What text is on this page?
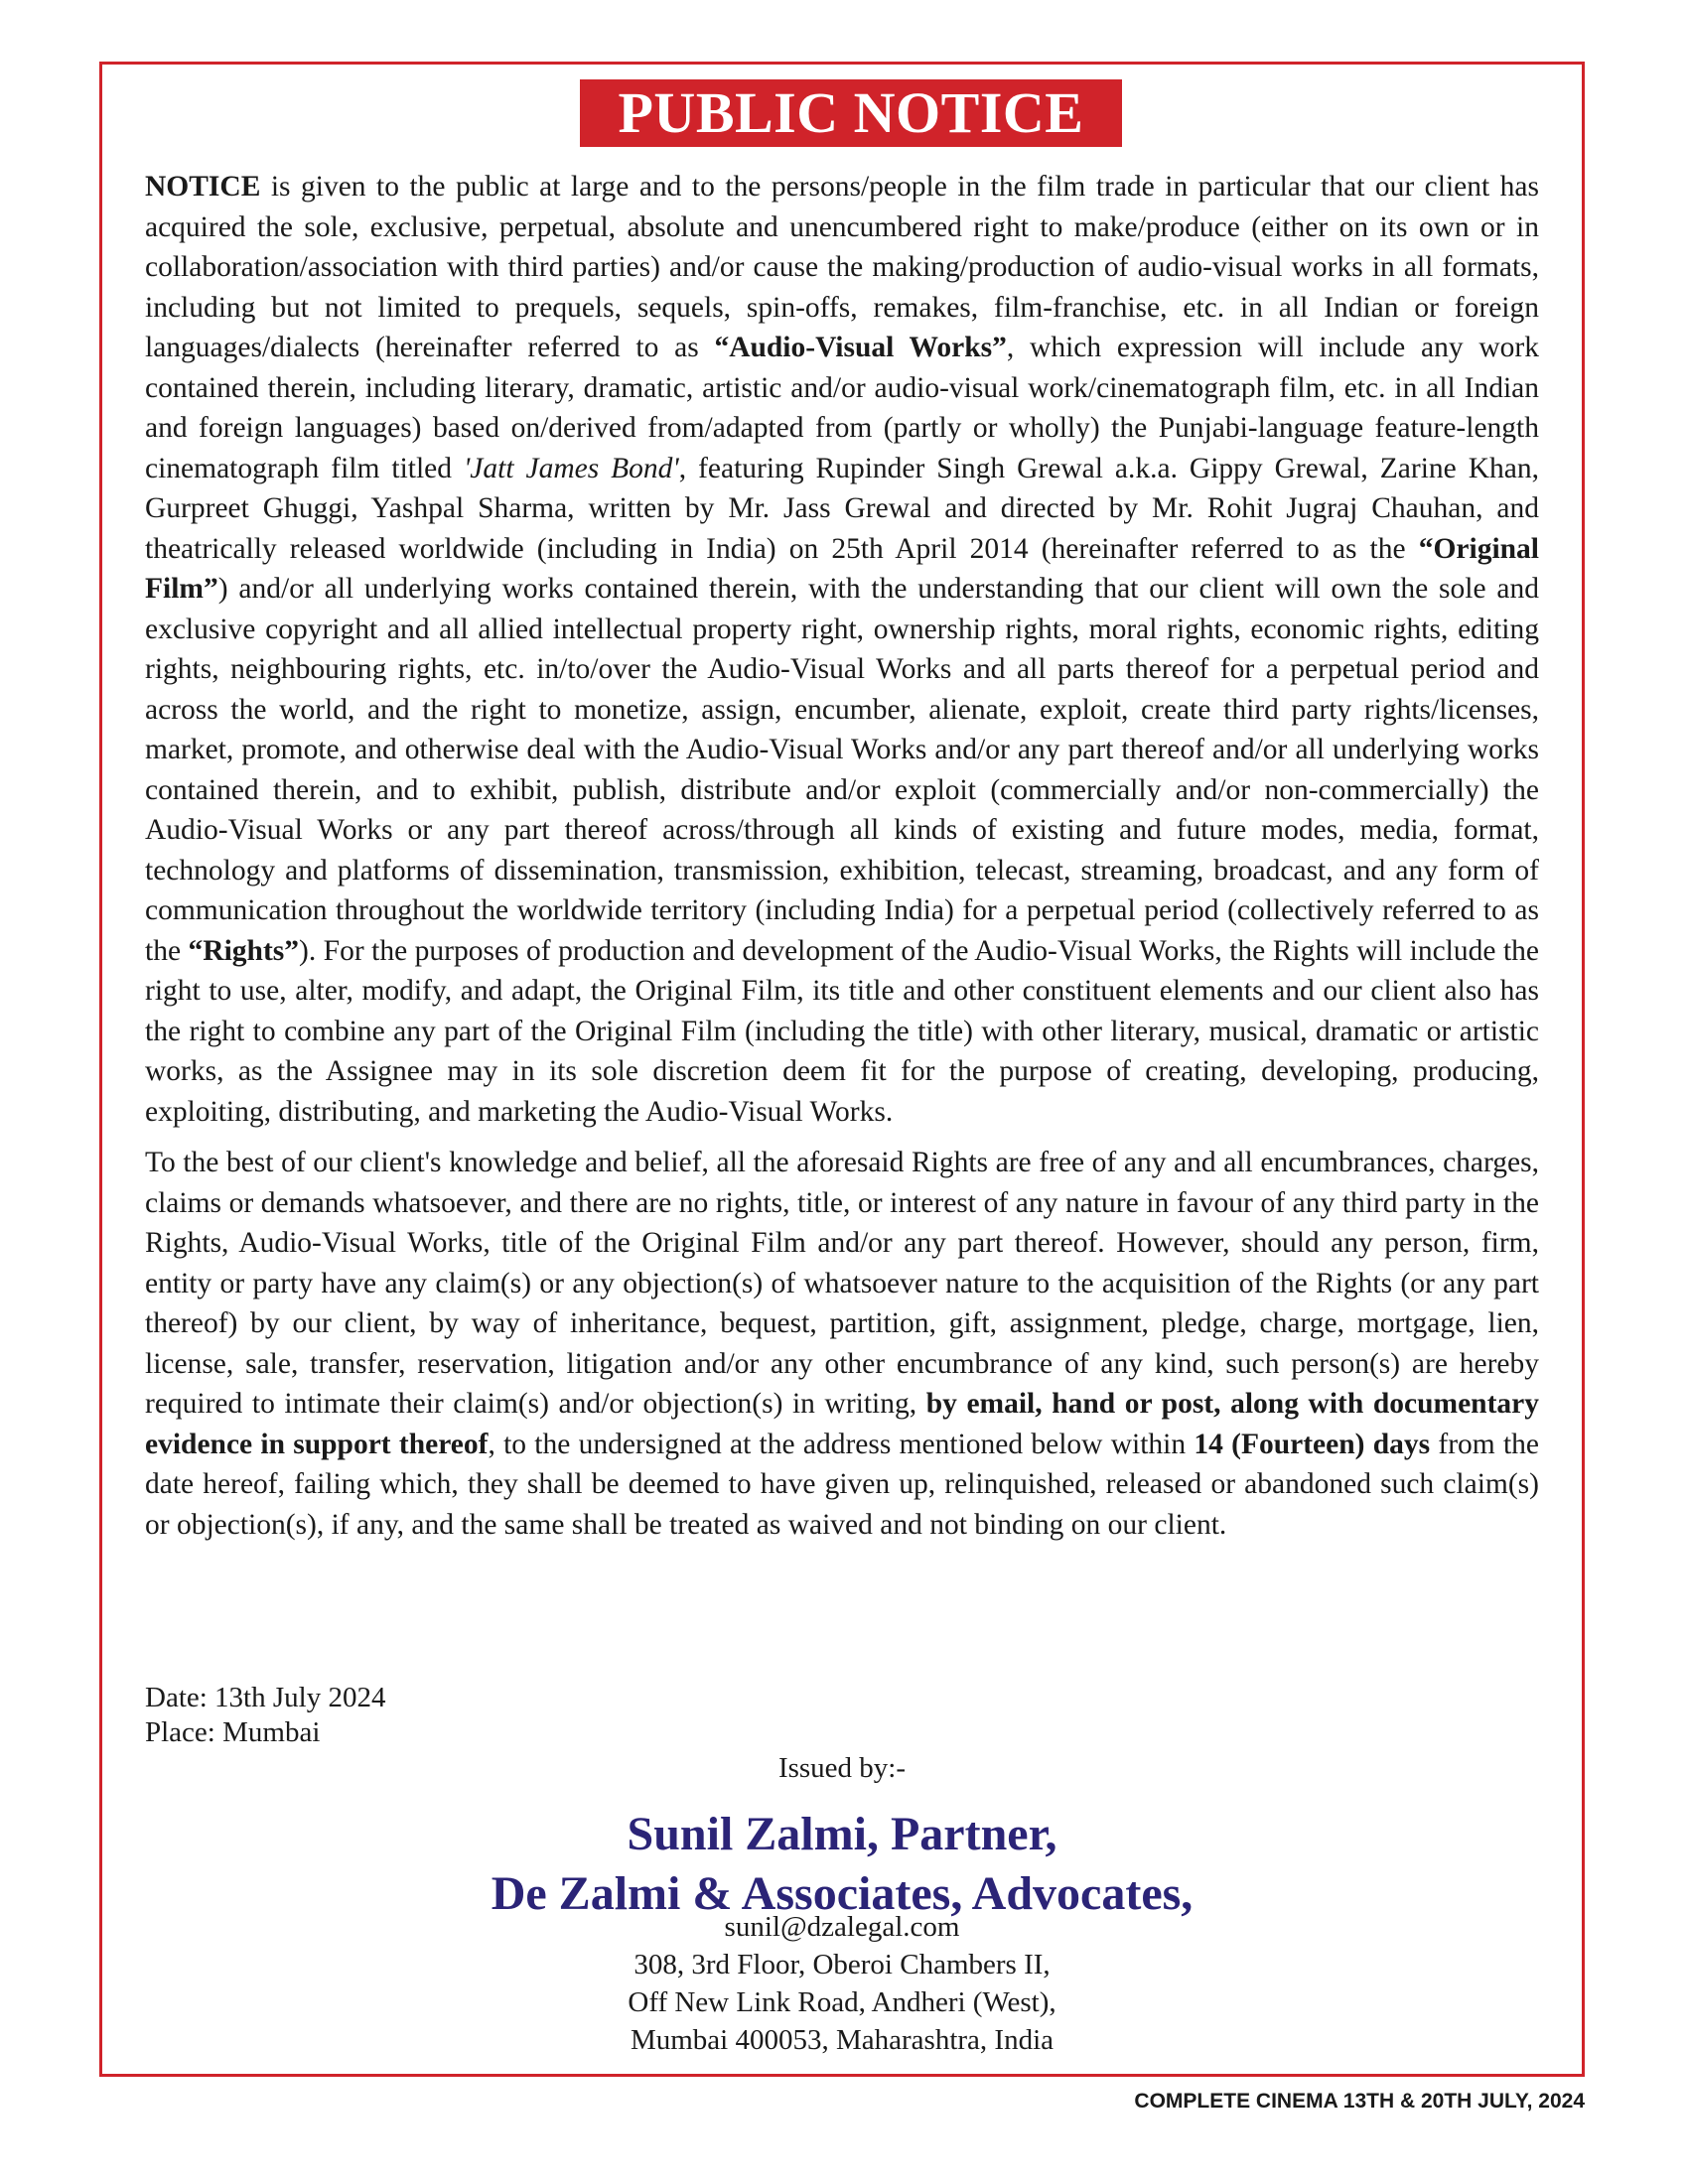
PUBLIC NOTICE

NOTICE is given to the public at large and to the persons/people in the film trade in particular that our client has acquired the sole, exclusive, perpetual, absolute and unencumbered right to make/produce (either on its own or in collaboration/association with third parties) and/or cause the making/production of audio-visual works in all formats, including but not limited to prequels, sequels, spin-offs, remakes, film-franchise, etc. in all Indian or foreign languages/dialects (hereinafter referred to as “Audio-Visual Works”, which expression will include any work contained therein, including literary, dramatic, artistic and/or audio-visual work/cinematograph film, etc. in all Indian and foreign languages) based on/derived from/adapted from (partly or wholly) the Punjabi-language feature-length cinematograph film titled 'Jatt James Bond', featuring Rupinder Singh Grewal a.k.a. Gippy Grewal, Zarine Khan, Gurpreet Ghuggi, Yashpal Sharma, written by Mr. Jass Grewal and directed by Mr. Rohit Jugraj Chauhan, and theatrically released worldwide (including in India) on 25th April 2014 (hereinafter referred to as the “Original Film”) and/or all underlying works contained therein, with the understanding that our client will own the sole and exclusive copyright and all allied intellectual property right, ownership rights, moral rights, economic rights, editing rights, neighbouring rights, etc. in/to/over the Audio-Visual Works and all parts thereof for a perpetual period and across the world, and the right to monetize, assign, encumber, alienate, exploit, create third party rights/licenses, market, promote, and otherwise deal with the Audio-Visual Works and/or any part thereof and/or all underlying works contained therein, and to exhibit, publish, distribute and/or exploit (commercially and/or non-commercially) the Audio-Visual Works or any part thereof across/through all kinds of existing and future modes, media, format, technology and platforms of dissemination, transmission, exhibition, telecast, streaming, broadcast, and any form of communication throughout the worldwide territory (including India) for a perpetual period (collectively referred to as the “Rights”). For the purposes of production and development of the Audio-Visual Works, the Rights will include the right to use, alter, modify, and adapt, the Original Film, its title and other constituent elements and our client also has the right to combine any part of the Original Film (including the title) with other literary, musical, dramatic or artistic works, as the Assignee may in its sole discretion deem fit for the purpose of creating, developing, producing, exploiting, distributing, and marketing the Audio-Visual Works.

To the best of our client's knowledge and belief, all the aforesaid Rights are free of any and all encumbrances, charges, claims or demands whatsoever, and there are no rights, title, or interest of any nature in favour of any third party in the Rights, Audio-Visual Works, title of the Original Film and/or any part thereof. However, should any person, firm, entity or party have any claim(s) or any objection(s) of whatsoever nature to the acquisition of the Rights (or any part thereof) by our client, by way of inheritance, bequest, partition, gift, assignment, pledge, charge, mortgage, lien, license, sale, transfer, reservation, litigation and/or any other encumbrance of any kind, such person(s) are hereby required to intimate their claim(s) and/or objection(s) in writing, by email, hand or post, along with documentary evidence in support thereof, to the undersigned at the address mentioned below within 14 (Fourteen) days from the date hereof, failing which, they shall be deemed to have given up, relinquished, released or abandoned such claim(s) or objection(s), if any, and the same shall be treated as waived and not binding on our client.

Date: 13th July 2024
Place: Mumbai
Issued by:-
Sunil Zalmi, Partner,
De Zalmi & Associates, Advocates,
sunil@dzalegal.com
308, 3rd Floor, Oberoi Chambers II,
Off New Link Road, Andheri (West),
Mumbai 400053, Maharashtra, India
COMPLETE CINEMA 13TH & 20TH JULY, 2024
